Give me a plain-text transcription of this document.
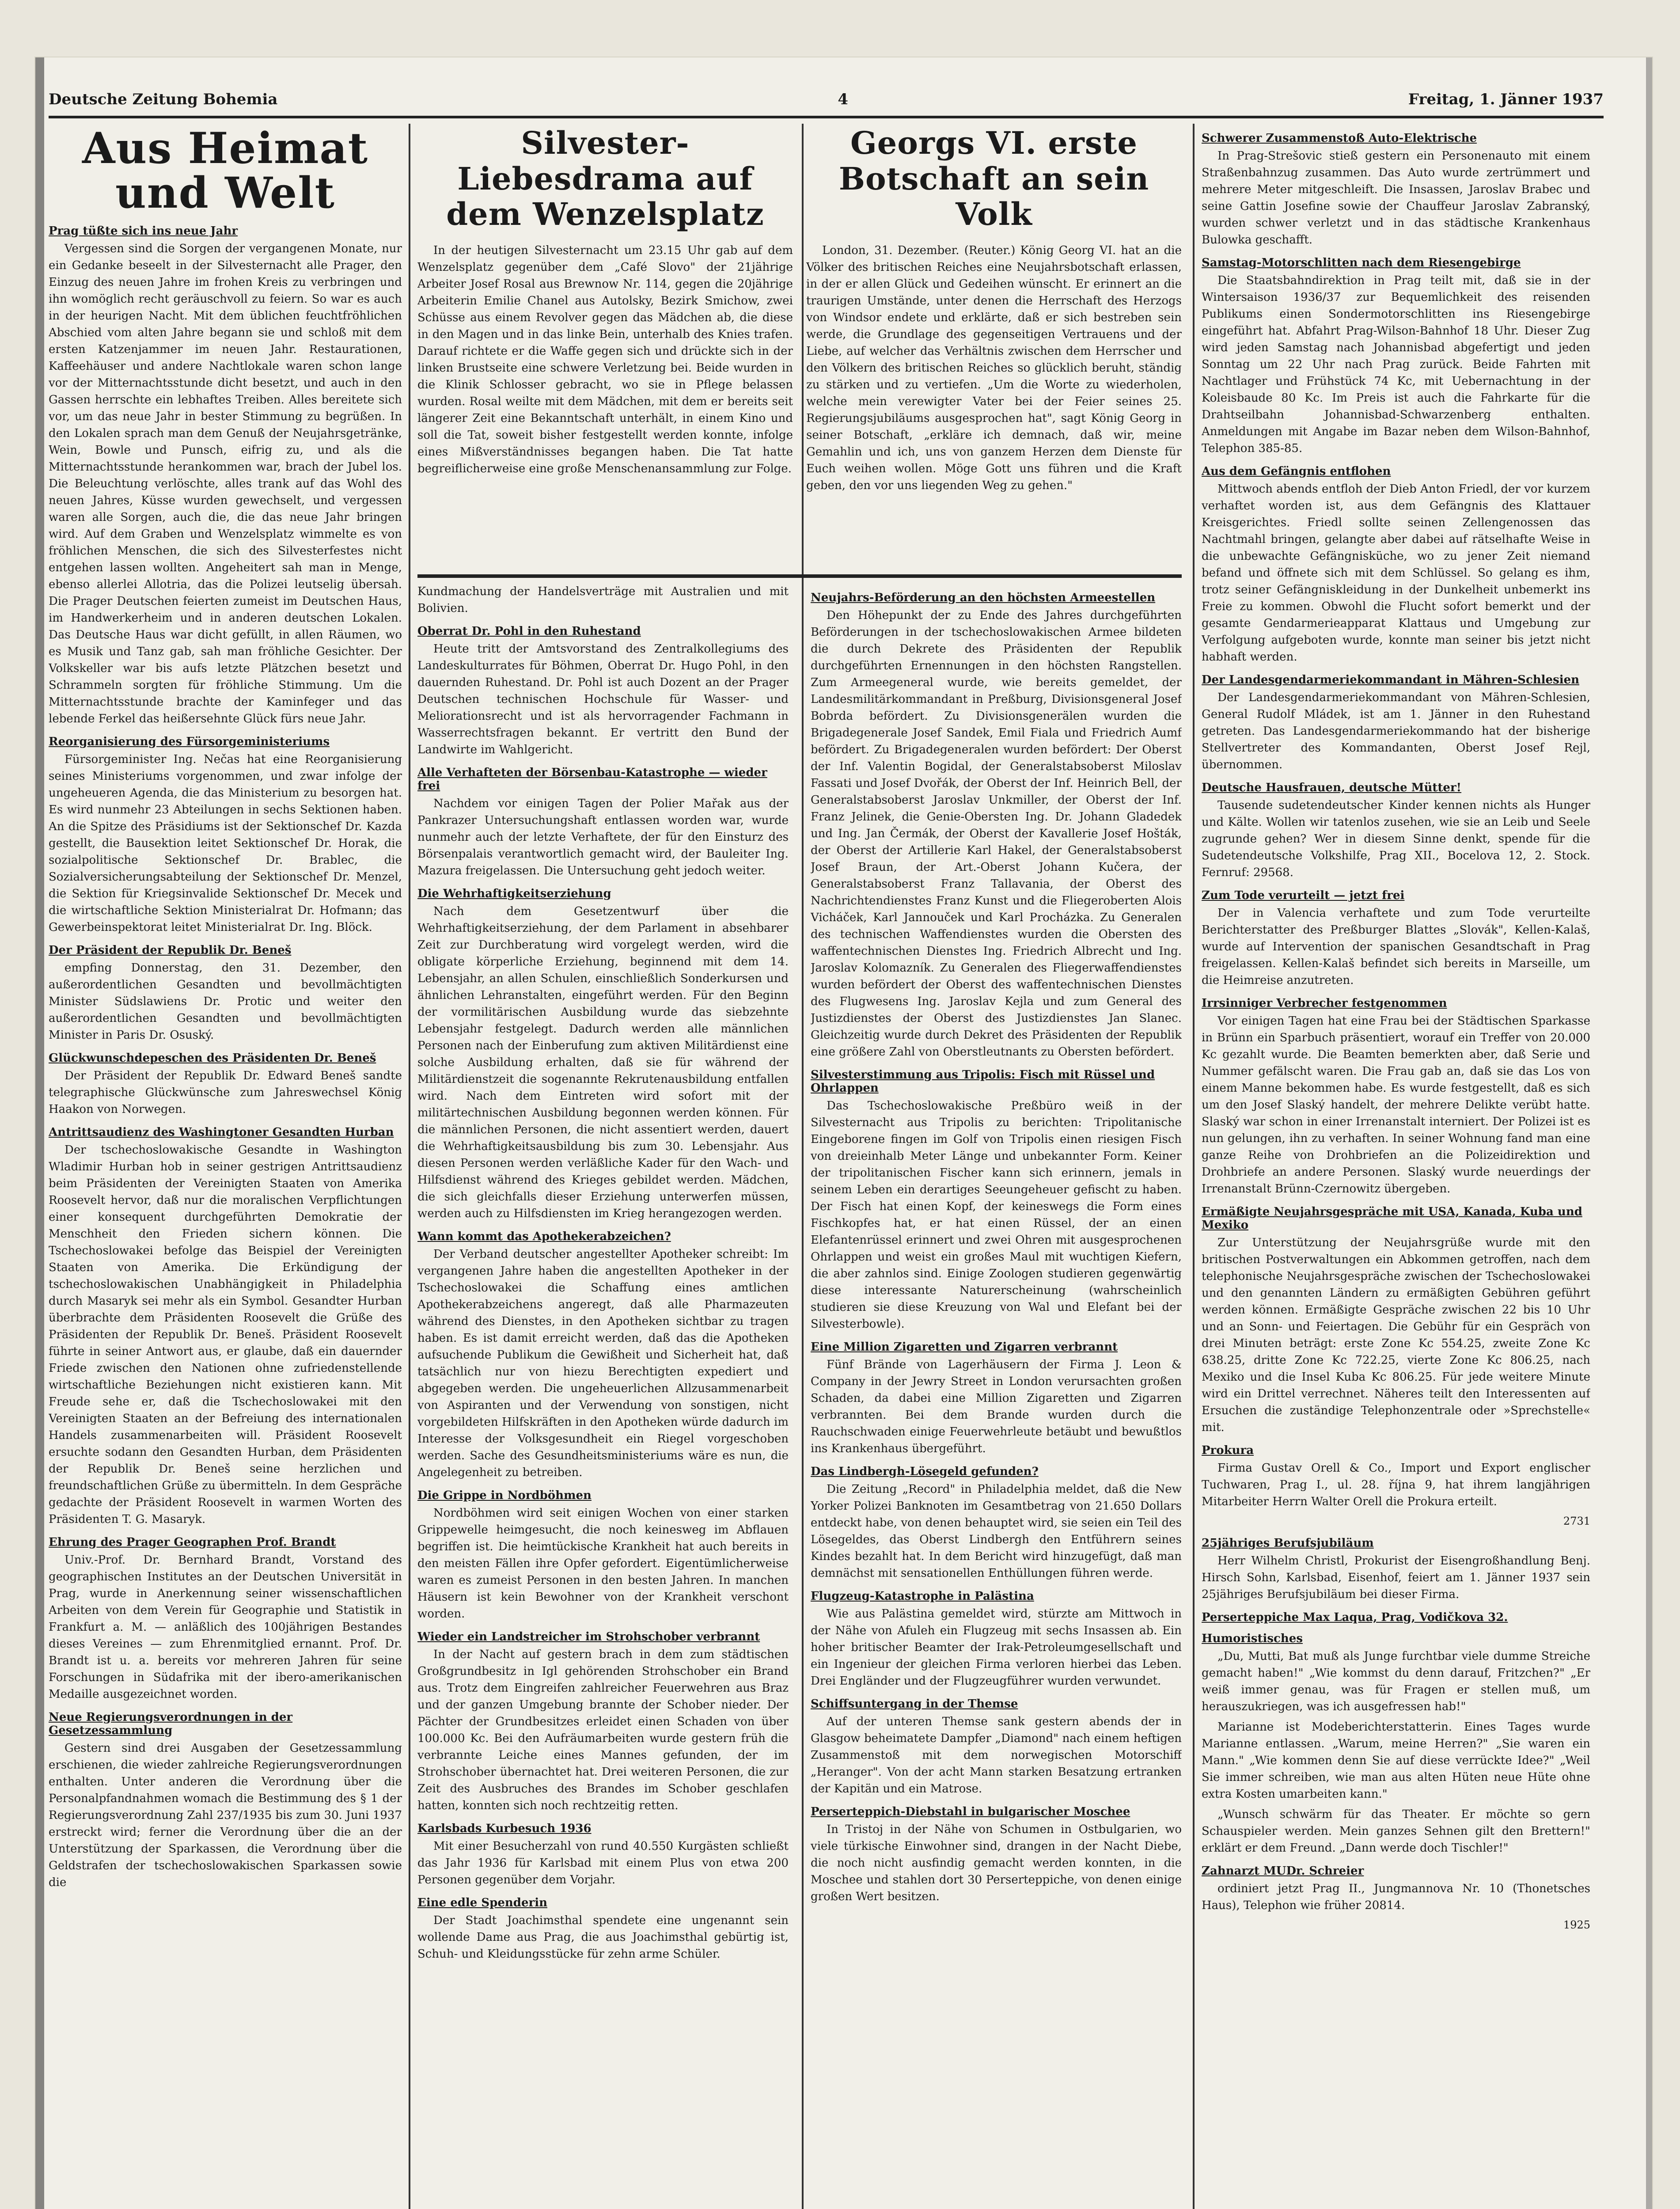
Deutsche Zeitung Bohemia	4	Freitag, 1. Jänner 1937
Aus Heimat und Welt
Prag tüßte sich ins neue Jahr

Vergessen sind die Sorgen der vergangenen Monate, nur ein Gedanke beseelt in der Silvesternacht alle Prager, den Einzug des neuen Jahre im frohen Kreis zu verbringen und ihn womöglich recht geräuschvoll zu feiern. So war es auch in der heurigen Nacht. Mit dem üblichen feuchtfröhlichen Abschied vom alten Jahre begann sie und schloß mit dem ersten Katzenjammer im neuen Jahr. Restaurationen, Kaffeehäuser und andere Nachtlokale waren schon lange vor der Mitternachtsstunde dicht besetzt, und auch in den Gassen herrschte ein lebhaftes Treiben. Alles bereitete sich vor, um das neue Jahr in bester Stimmung zu begrüßen. In den Lokalen sprach man dem Genuß der Neujahrsgetränke, Wein, Bowle und Punsch, eifrig zu, und als die Mitternachtsstunde herankommen war, brach der Jubel los. Die Beleuchtung verlöschte, alles trank auf das Wohl des neuen Jahres, Küsse wurden gewechselt, und vergessen waren alle Sorgen, auch die, die das neue Jahr bringen wird. Auf dem Graben und Wenzelsplatz wimmelte es von fröhlichen Menschen, die sich des Silvesterfestes nicht entgehen lassen wollten. Angeheitert sah man in Menge, ebenso allerlei Allotria, das die Polizei leutselig übersah. Die Prager Deutschen feierten zumeist im Deutschen Haus, im Handwerkerheim und in anderen deutschen Lokalen. Das Deutsche Haus war dicht gefüllt, in allen Räumen, wo es Musik und Tanz gab, sah man fröhliche Gesichter. Der Volkskeller war bis aufs letzte Plätzchen besetzt und Schrammeln sorgten für fröhliche Stimmung. Um die Mitternachtsstunde brachte der Kaminfeger und das lebende Ferkel das heißersehnte Glück fürs neue Jahr.

Reorganisierung des Fürsorgeministeriums

Fürsorgeminister Ing. Nečas hat eine Reorganisierung seines Ministeriums vorgenommen, und zwar infolge der ungeheueren Agenda, die das Ministerium zu besorgen hat. Es wird nunmehr 23 Abteilungen in sechs Sektionen haben. An die Spitze des Präsidiums ist der Sektionschef Dr. Kazda gestellt, die Bausektion leitet Sektionschef Dr. Horak, die sozialpolitische Sektionschef Dr. Brablec, die Sozialversicherungsabteilung der Sektionschef Dr. Menzel, die Sektion für Kriegsinvalide Sektionschef Dr. Mecek und die wirtschaftliche Sektion Ministerialrat Dr. Hofmann; das Gewerbeinspektorat leitet Ministerialrat Dr. Ing. Blöck.

Der Präsident der Republik Dr. Beneš

empfing Donnerstag, den 31. Dezember, den außerordentlichen Gesandten und bevollmächtigten Minister Südslawiens Dr. Protic und weiter den außerordentlichen Gesandten und bevollmächtigten Minister in Paris Dr. Osuský.

Glückwunschdepeschen des Präsidenten Dr. Beneš

Der Präsident der Republik Dr. Edward Beneš sandte telegraphische Glückwünsche zum Jahreswechsel König Haakon von Norwegen.

Antrittsaudienz des Washingtoner Gesandten Hurban

Der tschechoslowakische Gesandte in Washington Wladimir Hurban hob in seiner gestrigen Antrittsaudienz beim Präsidenten der Vereinigten Staaten von Amerika Roosevelt hervor, daß nur die moralischen Verpflichtungen einer konsequent durchgeführten Demokratie der Menschheit den Frieden sichern können. Die Tschechoslowakei befolge das Beispiel der Vereinigten Staaten von Amerika. Die Erkündigung der tschechoslowakischen Unabhängigkeit in Philadelphia durch Masaryk sei mehr als ein Symbol. Gesandter Hurban überbrachte dem Präsidenten Roosevelt die Grüße des Präsidenten der Republik Dr. Beneš. Präsident Roosevelt führte in seiner Antwort aus, er glaube, daß ein dauernder Friede zwischen den Nationen ohne zufriedenstellende wirtschaftliche Beziehungen nicht existieren kann. Mit Freude sehe er, daß die Tschechoslowakei mit den Vereinigten Staaten an der Befreiung des internationalen Handels zusammenarbeiten will. Präsident Roosevelt ersuchte sodann den Gesandten Hurban, dem Präsidenten der Republik Dr. Beneš seine herzlichen und freundschaftlichen Grüße zu übermitteln. In dem Gespräche gedachte der Präsident Roosevelt in warmen Worten des Präsidenten T. G. Masaryk.

Ehrung des Prager Geographen Prof. Brandt

Univ.-Prof. Dr. Bernhard Brandt, Vorstand des geographischen Institutes an der Deutschen Universität in Prag, wurde in Anerkennung seiner wissenschaftlichen Arbeiten von dem Verein für Geographie und Statistik in Frankfurt a. M. — anläßlich des 100jährigen Bestandes dieses Vereines — zum Ehrenmitglied ernannt. Prof. Dr. Brandt ist u. a. bereits vor mehreren Jahren für seine Forschungen in Südafrika mit der ibero-amerikanischen Medaille ausgezeichnet worden.

Neue Regierungsverordnungen in der Gesetzessammlung

Gestern sind drei Ausgaben der Gesetzessammlung erschienen, die wieder zahlreiche Regierungsverordnungen enthalten. Unter anderen die Verordnung über die Personalpfandnahmen womach die Bestimmung des § 1 der Regierungsverordnung Zahl 237/1935 bis zum 30. Juni 1937 erstreckt wird; ferner die Verordnung über die an der Unterstützung der Sparkassen, die Verordnung über die Geldstrafen der tschechoslowakischen Sparkassen sowie die

Silvester-Liebesdrama auf dem Wenzelsplatz

In der heutigen Silvesternacht um 23.15 Uhr gab auf dem Wenzelsplatz gegenüber dem „Café Slovo" der 21jährige Arbeiter Josef Rosal aus Brewnow Nr. 114, gegen die 20jährige Arbeiterin Emilie Chanel aus Autolsky, Bezirk Smichow, zwei Schüsse aus einem Revolver gegen das Mädchen ab, die diese in den Magen und in das linke Bein, unterhalb des Knies trafen. Darauf richtete er die Waffe gegen sich und drückte sich in der linken Brustseite eine schwere Verletzung bei. Beide wurden in die Klinik Schlosser gebracht, wo sie in Pflege belassen wurden. Rosal weilte mit dem Mädchen, mit dem er bereits seit längerer Zeit eine Bekanntschaft unterhält, in einem Kino und soll die Tat, soweit bisher festgestellt werden konnte, infolge eines Mißverständnisses begangen haben. Die Tat hatte begreiflicherweise eine große Menschenansammlung zur Folge.

Georgs VI. erste Botschaft an sein Volk

London, 31. Dezember. (Reuter.) König Georg VI. hat an die Völker des britischen Reiches eine Neujahrsbotschaft erlassen, in der er allen Glück und Gedeihen wünscht. Er erinnert an die traurigen Umstände, unter denen die Herrschaft des Herzogs von Windsor endete und erklärte, daß er sich bestreben sein werde, die Grundlage des gegenseitigen Vertrauens und der Liebe, auf welcher das Verhältnis zwischen dem Herrscher und den Völkern des britischen Reiches so glücklich beruht, ständig zu stärken und zu vertiefen. „Um die Worte zu wiederholen, welche mein verewigter Vater bei der Feier seines 25. Regierungsjubiläums ausgesprochen hat", sagt König Georg in seiner Botschaft, „erkläre ich demnach, daß wir, meine Gemahlin und ich, uns von ganzem Herzen dem Dienste für Euch weihen wollen. Möge Gott uns führen und die Kraft geben, den vor uns liegenden Weg zu gehen."

Kundmachung der Handelsverträge mit Australien und mit Bolivien.

Oberrat Dr. Pohl in den Ruhestand

Heute tritt der Amtsvorstand des Zentralkollegiums des Landeskulturrates für Böhmen, Oberrat Dr. Hugo Pohl, in den dauernden Ruhestand. Dr. Pohl ist auch Dozent an der Prager Deutschen technischen Hochschule für Wasser- und Meliorationsrecht und ist als hervorragender Fachmann in Wasserrechtsfragen bekannt. Er vertritt den Bund der Landwirte im Wahlgericht.

Alle Verhafteten der Börsenbau-Katastrophe — wieder frei

Nachdem vor einigen Tagen der Polier Mařak aus der Pankrazer Untersuchungshaft entlassen worden war, wurde nunmehr auch der letzte Verhaftete, der für den Einsturz des Börsenpalais verantwortlich gemacht wird, der Bauleiter Ing. Mazura freigelassen. Die Untersuchung geht jedoch weiter.

Die Wehrhaftigkeitserziehung

Nach dem Gesetzentwurf über die Wehrhaftigkeitserziehung, der dem Parlament in absehbarer Zeit zur Durchberatung wird vorgelegt werden, wird die obligate körperliche Erziehung, beginnend mit dem 14. Lebensjahr, an allen Schulen, einschließlich Sonderkursen und ähnlichen Lehranstalten, eingeführt werden. Für den Beginn der vormilitärischen Ausbildung wurde das siebzehnte Lebensjahr festgelegt. Dadurch werden alle männlichen Personen nach der Einberufung zum aktiven Militärdienst eine solche Ausbildung erhalten, daß sie für während der Militärdienstzeit die sogenannte Rekrutenausbildung entfallen wird. Nach dem Eintreten wird sofort mit der militärtechnischen Ausbildung begonnen werden können. Für die männlichen Personen, die nicht assentiert werden, dauert die Wehrhaftigkeitsausbildung bis zum 30. Lebensjahr. Aus diesen Personen werden verläßliche Kader für den Wach- und Hilfsdienst während des Krieges gebildet werden. Mädchen, die sich gleichfalls dieser Erziehung unterwerfen müssen, werden auch zu Hilfsdiensten im Krieg herangezogen werden.

Wann kommt das Apothekerabzeichen?

Der Verband deutscher angestellter Apotheker schreibt: Im vergangenen Jahre haben die angestellten Apotheker in der Tschechoslowakei die Schaffung eines amtlichen Apothekerabzeichens angeregt, daß alle Pharmazeuten während des Dienstes, in den Apotheken sichtbar zu tragen haben. Es ist damit erreicht werden, daß das die Apotheken aufsuchende Publikum die Gewißheit und Sicherheit hat, daß tatsächlich nur von hiezu Berechtigten expediert und abgegeben werden. Die ungeheuerlichen Allzusammenarbeit von Aspiranten und der Verwendung von sonstigen, nicht vorgebildeten Hilfskräften in den Apotheken würde dadurch im Interesse der Volksgesundheit ein Riegel vorgeschoben werden. Sache des Gesundheitsministeriums wäre es nun, die Angelegenheit zu betreiben.

Die Grippe in Nordböhmen

Nordböhmen wird seit einigen Wochen von einer starken Grippewelle heimgesucht, die noch keinesweg im Abflauen begriffen ist. Die heimtückische Krankheit hat auch bereits in den meisten Fällen ihre Opfer gefordert. Eigentümlicherweise waren es zumeist Personen in den besten Jahren. In manchen Häusern ist kein Bewohner von der Krankheit verschont worden.

Wieder ein Landstreicher im Strohschober verbrannt

In der Nacht auf gestern brach in dem zum städtischen Großgrundbesitz in Igl gehörenden Strohschober ein Brand aus. Trotz dem Eingreifen zahlreicher Feuerwehren aus Braz und der ganzen Umgebung brannte der Schober nieder. Der Pächter der Grundbesitzes erleidet einen Schaden von über 100.000 Kc. Bei den Aufräumarbeiten wurde gestern früh die verbrannte Leiche eines Mannes gefunden, der im Strohschober übernachtet hat. Drei weiteren Personen, die zur Zeit des Ausbruches des Brandes im Schober geschlafen hatten, konnten sich noch rechtzeitig retten.

Karlsbads Kurbesuch 1936

Mit einer Besucherzahl von rund 40.550 Kurgästen schließt das Jahr 1936 für Karlsbad mit einem Plus von etwa 200 Personen gegenüber dem Vorjahr.

Eine edle Spenderin

Der Stadt Joachimsthal spendete eine ungenannt sein wollende Dame aus Prag, die aus Joachimsthal gebürtig ist, Schuh- und Kleidungsstücke für zehn arme Schüler.

Neujahrs-Beförderung an den höchsten Armeestellen

Den Höhepunkt der zu Ende des Jahres durchgeführten Beförderungen in der tschechoslowakischen Armee bildeten die durch Dekrete des Präsidenten der Republik durchgeführten Ernennungen in den höchsten Rangstellen. Zum Armeegeneral wurde, wie bereits gemeldet, der Landesmilitärkommandant in Preßburg, Divisionsgeneral Josef Bobrda befördert. Zu Divisionsgenerälen wurden die Brigadegenerale Josef Sandek, Emil Fiala und Friedrich Aumf befördert. Zu Brigadegeneralen wurden befördert: Der Oberst der Inf. Valentin Bogidal, der Generalstabsoberst Miloslav Fassati und Josef Dvořák, der Oberst der Inf. Heinrich Bell, der Generalstabsoberst Jaroslav Unkmiller, der Oberst der Inf. Franz Jelinek, die Genie-Obersten Ing. Dr. Johann Gladedek und Ing. Jan Čermák, der Oberst der Kavallerie Josef Hošták, der Oberst der Artillerie Karl Hakel, der Generalstabsoberst Josef Braun, der Art.-Oberst Johann Kučera, der Generalstabsoberst Franz Tallavania, der Oberst des Nachrichtendienstes Franz Kunst und die Fliegeroberten Alois Vicháček, Karl Jannouček und Karl Procházka. Zu Generalen des technischen Waffendienstes wurden die Obersten des waffentechnischen Dienstes Ing. Friedrich Albrecht und Ing. Jaroslav Kolomazník. Zu Generalen des Fliegerwaffendienstes wurden befördert der Oberst des waffentechnischen Dienstes des Flugwesens Ing. Jaroslav Kejla und zum General des Justizdienstes der Oberst des Justizdienstes Jan Slanec. Gleichzeitig wurde durch Dekret des Präsidenten der Republik eine größere Zahl von Oberstleutnants zu Obersten befördert.

Silvesterstimmung aus Tripolis: Fisch mit Rüssel und Ohrlappen

Das Tschechoslowakische Preßbüro weiß in der Silvesternacht aus Tripolis zu berichten: Tripolitanische Eingeborene fingen im Golf von Tripolis einen riesigen Fisch von dreieinhalb Meter Länge und unbekannter Form. Keiner der tripolitanischen Fischer kann sich erinnern, jemals in seinem Leben ein derartiges Seeungeheuer gefischt zu haben. Der Fisch hat einen Kopf, der keineswegs die Form eines Fischkopfes hat, er hat einen Rüssel, der an einen Elefantenrüssel erinnert und zwei Ohren mit ausgesprochenen Ohrlappen und weist ein großes Maul mit wuchtigen Kiefern, die aber zahnlos sind. Einige Zoologen studieren gegenwärtig diese interessante Naturerscheinung (wahrscheinlich studieren sie diese Kreuzung von Wal und Elefant bei der Silvesterbowle).

Eine Million Zigaretten und Zigarren verbrannt

Fünf Brände von Lagerhäusern der Firma J. Leon & Company in der Jewry Street in London verursachten großen Schaden, da dabei eine Million Zigaretten und Zigarren verbrannten. Bei dem Brande wurden durch die Rauchschwaden einige Feuerwehrleute betäubt und bewußtlos ins Krankenhaus übergeführt.

Das Lindbergh-Lösegeld gefunden?

Die Zeitung „Record" in Philadelphia meldet, daß die New Yorker Polizei Banknoten im Gesamtbetrag von 21.650 Dollars entdeckt habe, von denen behauptet wird, sie seien ein Teil des Lösegeldes, das Oberst Lindbergh den Entführern seines Kindes bezahlt hat. In dem Bericht wird hinzugefügt, daß man demnächst mit sensationellen Enthüllungen führen werde.

Flugzeug-Katastrophe in Palästina

Wie aus Palästina gemeldet wird, stürzte am Mittwoch in der Nähe von Afuleh ein Flugzeug mit sechs Insassen ab. Ein hoher britischer Beamter der Irak-Petroleumgesellschaft und ein Ingenieur der gleichen Firma verloren hierbei das Leben. Drei Engländer und der Flugzeugführer wurden verwundet.

Schiffsuntergang in der Themse

Auf der unteren Themse sank gestern abends der in Glasgow beheimatete Dampfer „Diamond" nach einem heftigen Zusammenstoß mit dem norwegischen Motorschiff „Heranger". Von der acht Mann starken Besatzung ertranken der Kapitän und ein Matrose.

Perserteppich-Diebstahl in bulgarischer Moschee

In Tristoj in der Nähe von Schumen in Ostbulgarien, wo viele türkische Einwohner sind, drangen in der Nacht Diebe, die noch nicht ausfindig gemacht werden konnten, in die Moschee und stahlen dort 30 Perserteppiche, von denen einige großen Wert besitzen.

Schwerer Zusammenstoß Auto-Elektrische

In Prag-Strešovic stieß gestern ein Personenauto mit einem Straßenbahnzug zusammen. Das Auto wurde zertrümmert und mehrere Meter mitgeschleift. Die Insassen, Jaroslav Brabec und seine Gattin Josefine sowie der Chauffeur Jaroslav Zabranský, wurden schwer verletzt und in das städtische Krankenhaus Bulowka geschafft.

Samstag-Motorschlitten nach dem Riesengebirge

Die Staatsbahndirektion in Prag teilt mit, daß sie in der Wintersaison 1936/37 zur Bequemlichkeit des reisenden Publikums einen Sondermotorschlitten ins Riesengebirge eingeführt hat. Abfahrt Prag-Wilson-Bahnhof 18 Uhr. Dieser Zug wird jeden Samstag nach Johannisbad abgefertigt und jeden Sonntag um 22 Uhr nach Prag zurück. Beide Fahrten mit Nachtlager und Frühstück 74 Kc, mit Uebernachtung in der Koleisbaude 80 Kc. Im Preis ist auch die Fahrkarte für die Drahtseilbahn Johannisbad-Schwarzenberg enthalten. Anmeldungen mit Angabe im Bazar neben dem Wilson-Bahnhof, Telephon 385-85.

Aus dem Gefängnis entflohen

Mittwoch abends entfloh der Dieb Anton Friedl, der vor kurzem verhaftet worden ist, aus dem Gefängnis des Klattauer Kreisgerichtes. Friedl sollte seinen Zellengenossen das Nachtmahl bringen, gelangte aber dabei auf rätselhafte Weise in die unbewachte Gefängnisküche, wo zu jener Zeit niemand befand und öffnete sich mit dem Schlüssel. So gelang es ihm, trotz seiner Gefängniskleidung in der Dunkelheit unbemerkt ins Freie zu kommen. Obwohl die Flucht sofort bemerkt und der gesamte Gendarmerieapparat Klattaus und Umgebung zur Verfolgung aufgeboten wurde, konnte man seiner bis jetzt nicht habhaft werden.

Der Landesgendarmeriekommandant in Mähren-Schlesien

Der Landesgendarmeriekommandant von Mähren-Schlesien, General Rudolf Mládek, ist am 1. Jänner in den Ruhestand getreten. Das Landesgendarmeriekommando hat der bisherige Stellvertreter des Kommandanten, Oberst Josef Rejl, übernommen.

Deutsche Hausfrauen, deutsche Mütter!

Tausende sudetendeutscher Kinder kennen nichts als Hunger und Kälte. Wollen wir tatenlos zusehen, wie sie an Leib und Seele zugrunde gehen? Wer in diesem Sinne denkt, spende für die Sudetendeutsche Volkshilfe, Prag XII., Bocelova 12, 2. Stock. Fernruf: 29568.

Zum Tode verurteilt — jetzt frei

Der in Valencia verhaftete und zum Tode verurteilte Berichterstatter des Preßburger Blattes „Slovák", Kellen-Kalaš, wurde auf Intervention der spanischen Gesandtschaft in Prag freigelassen. Kellen-Kalaš befindet sich bereits in Marseille, um die Heimreise anzutreten.

Irrsinniger Verbrecher festgenommen

Vor einigen Tagen hat eine Frau bei der Städtischen Sparkasse in Brünn ein Sparbuch präsentiert, worauf ein Treffer von 20.000 Kc gezahlt wurde. Die Beamten bemerkten aber, daß Serie und Nummer gefälscht waren. Die Frau gab an, daß sie das Los von einem Manne bekommen habe. Es wurde festgestellt, daß es sich um den Josef Slaský handelt, der mehrere Delikte verübt hatte. Slaský war schon in einer Irrenanstalt interniert. Der Polizei ist es nun gelungen, ihn zu verhaften. In seiner Wohnung fand man eine ganze Reihe von Drohbriefen an die Polizeidirektion und Drohbriefe an andere Personen. Slaský wurde neuerdings der Irrenanstalt Brünn-Czernowitz übergeben.

Ermäßigte Neujahrsgespräche mit USA, Kanada, Kuba und Mexiko

Zur Unterstützung der Neujahrsgrüße wurde mit den britischen Postverwaltungen ein Abkommen getroffen, nach dem telephonische Neujahrsgespräche zwischen der Tschechoslowakei und den genannten Ländern zu ermäßigten Gebühren geführt werden können. Ermäßigte Gespräche zwischen 22 bis 10 Uhr und an Sonn- und Feiertagen. Die Gebühr für ein Gespräch von drei Minuten beträgt: erste Zone Kc 554.25, zweite Zone Kc 638.25, dritte Zone Kc 722.25, vierte Zone Kc 806.25, nach Mexiko und die Insel Kuba Kc 806.25. Für jede weitere Minute wird ein Drittel verrechnet. Näheres teilt den Interessenten auf Ersuchen die zuständige Telephonzentrale oder »Sprechstelle« mit.

Prokura

Firma Gustav Orell & Co., Import und Export englischer Tuchwaren, Prag I., ul. 28. října 9, hat ihrem langjährigen Mitarbeiter Herrn Walter Orell die Prokura erteilt.

2731
25jähriges Berufsjubiläum

Herr Wilhelm Christl, Prokurist der Eisengroßhandlung Benj. Hirsch Sohn, Karlsbad, Eisenhof, feiert am 1. Jänner 1937 sein 25jähriges Berufsjubiläum bei dieser Firma.

Perserteppiche Max Laqua, Prag, Vodičkova 32.
Humoristisches

„Du, Mutti, Bat muß als Junge furchtbar viele dumme Streiche gemacht haben!" „Wie kommst du denn darauf, Fritzchen?" „Er weiß immer genau, was für Fragen er stellen muß, um herauszukriegen, was ich ausgefressen hab!"

Marianne ist Modeberichterstatterin. Eines Tages wurde Marianne entlassen. „Warum, meine Herren?" „Sie waren ein Mann." „Wie kommen denn Sie auf diese verrückte Idee?" „Weil Sie immer schreiben, wie man aus alten Hüten neue Hüte ohne extra Kosten umarbeiten kann."

„Wunsch schwärm für das Theater. Er möchte so gern Schauspieler werden. Mein ganzes Sehnen gilt den Brettern!" erklärt er dem Freund. „Dann werde doch Tischler!"

Zahnarzt MUDr. Schreier

ordiniert jetzt Prag II., Jungmannova Nr. 10 (Thonetsches Haus), Telephon wie früher 20814.

1925
